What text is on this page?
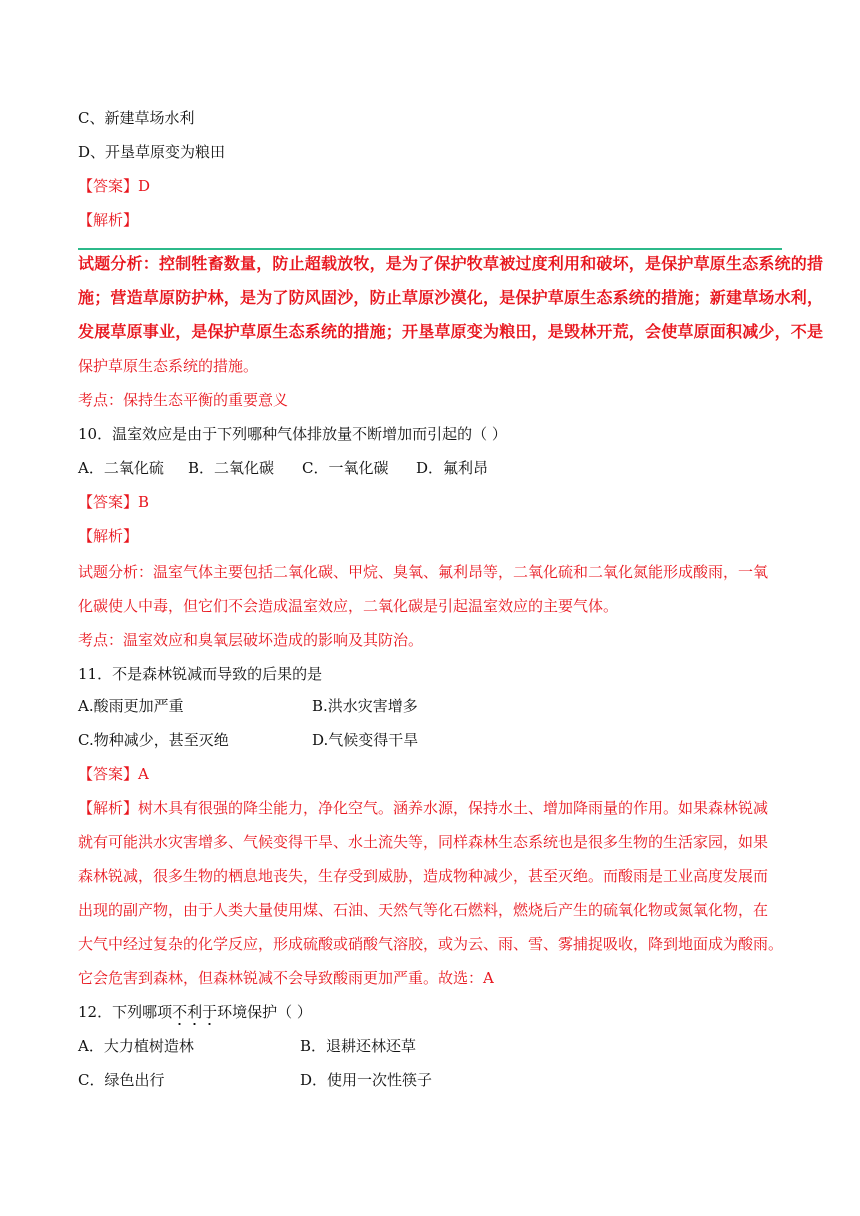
C、新建草场水利
D、开垦草原变为粮田
【答案】D
【解析】
试题分析：控制牲畜数量，防止超载放牧，是为了保护牧草被过度利用和破坏，是保护草原生态系统的措
施；营造草原防护林，是为了防风固沙，防止草原沙漠化，是保护草原生态系统的措施；新建草场水利，
发展草原事业，是保护草原生态系统的措施；开垦草原变为粮田，是毁林开荒，会使草原面积减少，不是
保护草原生态系统的措施。
考点：保持生态平衡的重要意义
10．温室效应是由于下列哪种气体排放量不断增加而引起的（ ）
A．二氧化硫 B．二氧化碳 C．一氧化碳 D．氟利昂
【答案】B
【解析】
试题分析：温室气体主要包括二氧化碳、甲烷、臭氧、氟利昂等，二氧化硫和二氧化氮能形成酸雨，一氧
化碳使人中毒，但它们不会造成温室效应，二氧化碳是引起温室效应的主要气体。
考点：温室效应和臭氧层破坏造成的影响及其防治。
11．不是森林锐减而导致的后果的是
A.酸雨更加严重	B.洪水灾害增多
C.物种减少，甚至灭绝	D.气候变得干旱
【答案】A
【解析】树木具有很强的降尘能力，净化空气。涵养水源，保持水土、增加降雨量的作用。如果森林锐减
就有可能洪水灾害增多、气候变得干旱、水土流失等，同样森林生态系统也是很多生物的生活家园，如果
森林锐减，很多生物的栖息地丧失，生存受到威胁，造成物种减少，甚至灭绝。而酸雨是工业高度发展而
出现的副产物，由于人类大量使用煤、石油、天然气等化石燃料，燃烧后产生的硫氧化物或氮氧化物，在
大气中经过复杂的化学反应，形成硫酸或硝酸气溶胶，或为云、雨、雪、雾捕捉吸收，降到地面成为酸雨。
它会危害到森林，但森林锐减不会导致酸雨更加严重。故选：A
12．下列哪项不利于环境保护（ ）
A．大力植树造林	B．退耕还林还草
C．绿色出行	D．使用一次性筷子
